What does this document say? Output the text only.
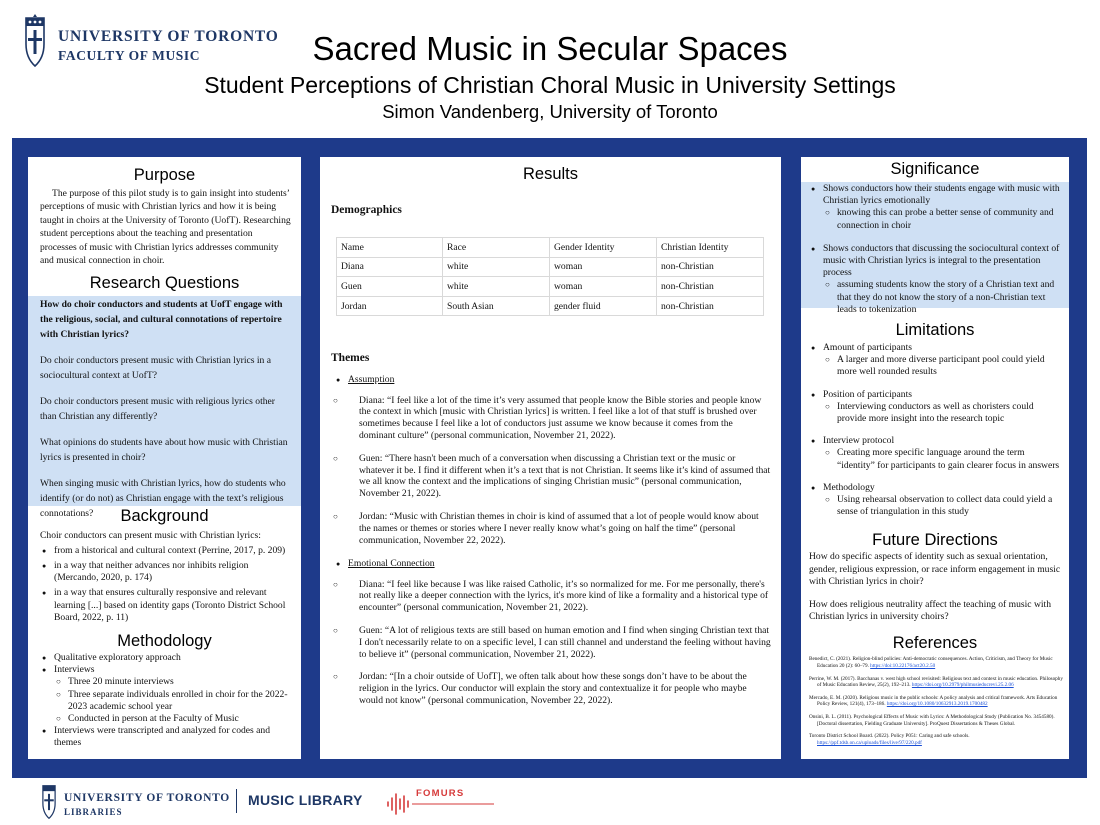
UNIVERSITY OF TORONTO
FACULTY OF MUSIC	Sacred Music in Secular Spaces
Student Perceptions of Christian Choral Music in University Settings
Simon Vandenberg, University of Toronto
Purpose
The purpose of this pilot study is to gain insight into students’ perceptions of music with Christian lyrics and how it is being taught in choirs at the University of Toronto (UofT). Researching student perceptions about the teaching and presentation processes of music with Christian lyrics addresses community and musical connection in choir.
Research Questions

How do choir conductors and students at UofT engage with the religious, social, and cultural connotations of repertoire with Christian lyrics?

Do choir conductors present music with Christian lyrics in a sociocultural context at UofT?

Do choir conductors present music with religious lyrics other than Christian any differently?

What opinions do students have about how music with Christian lyrics is presented in choir?

When singing music with Christian lyrics, how do students who identify (or do not) as Christian engage with the text’s religious connotations?	Background
Choir conductors can present music with Christian lyrics:
● from a historical and cultural context (Perrine, 2017, p. 209)
● in a way that neither advances nor inhibits religion (Mercando, 2020, p. 174)
● in a way that ensures culturally responsive and relevant learning [...] based on identity gaps (Toronto District School Board, 2022, p. 11)
Methodology
● Qualitative exploratory approach
● Interviews
○ Three 20 minute interviews
○ Three separate individuals enrolled in choir for the 2022-2023 academic school year
○ Conducted in person at the Faculty of Music
● Interviews were transcripted and analyzed for codes and themes
Results
Demographics
Name	Race	Gender Identity	Christian Identity
Diana	white	woman	non-Christian
Guen	white	woman	non-Christian
Jordan	South Asian	gender fluid	non-Christian
Themes
● Assumption
○ Diana: “I feel like a lot of the time it’s very assumed that people know the Bible stories and people know the context in which [music with Christian lyrics] is written. I feel like a lot of that stuff is brushed over sometimes because I feel like a lot of conductors just assume we know because it comes from the dominant culture” (personal communication, November 21, 2022).
○ Guen: “There hasn't been much of a conversation when discussing a Christian text or the music or whatever it be. I find it different when it’s a text that is not Christian. It seems like it’s kind of assumed that we all know the context and the implications of singing Christian music” (personal communication, November 21, 2022).
○ Jordan: “Music with Christian themes in choir is kind of assumed that a lot of people would know about the names or themes or stories where I never really know what’s going on half the time” (personal communication, November 22, 2022).
● Emotional Connection
○ Diana: “I feel like because I was like raised Catholic, it’s so normalized for me. For me personally, there's not really like a deeper connection with the lyrics, it's more kind of like a formality and a historical type of encounter” (personal communication, November 21, 2022).
○ Guen: “A lot of religious texts are still based on human emotion and I find when singing Christian text that I don't necessarily relate to on a specific level, I can still channel and understand the feeling without having to believe it” (personal communication, November 21, 2022).
○ Jordan: “[In a choir outside of UofT], we often talk about how these songs don’t have to be about the religion in the lyrics. Our conductor will explain the story and contextualize it for people who maybe would not know” (personal communication, November 22, 2022).
Significance
● Shows conductors how their students engage with music with Christian lyrics emotionally
○ knowing this can probe a better sense of community and connection in choir
● Shows conductors that discussing the sociocultural context of music with Christian lyrics is integral to the presentation process
○ assuming students know the story of a Christian text and that they do not know the story of a non-Christian text leads to tokenization
Limitations
● Amount of participants
○ A larger and more diverse participant pool could yield more well rounded results
● Position of participants
○ Interviewing conductors as well as choristers could provide more insight into the research topic
● Interview protocol
○ Creating more specific language around the term “identity” for participants to gain clearer focus in answers
● Methodology
○ Using rehearsal observation to collect data could yield a sense of triangulation in this study
Future Directions
How do specific aspects of identity such as sexual orientation, gender, religious expression, or race inform engagement in music with Christian lyrics in choir?
How does religious neutrality affect the teaching of music with Christian lyrics in university choirs?
References
Benedict, C. (2021). Religion-blind policies: Anti-democratic consequences. Action, Criticism, and Theory for Music Education 20 (2): 60–79. https://doi:10.22176/act20.2.50
Perrine, W. M. (2017). Bacchanas v. west high school revisited: Religious text and context in music education. Philosophy of Music Education Review, 25(2), 192–213. https://doi.org/10.2979/philmusieducrevi.25.2.06
Mercado, E. M. (2020). Religious music in the public schools: A policy analysis and critical framework. Arts Education Policy Review, 121(4), 173–186. https://doi.org/10.1080/10632913.2019.1700482
Onsini, B. L. (2011). Psychological Effects of Music with Lyrics: A Methodological Study (Publication No. 3454580). [Doctoral dissertation, Fielding Graduate University]. ProQuest Dissertations & Theses Global.
Toronto District School Board. (2022). Policy P051: Caring and safe schools. https://ppf.tdsb.on.ca/uploads/files/live/97/220.pdf
UNIVERSITY OF TORONTO
LIBRARIES
MUSIC LIBRARY	FOMURS
